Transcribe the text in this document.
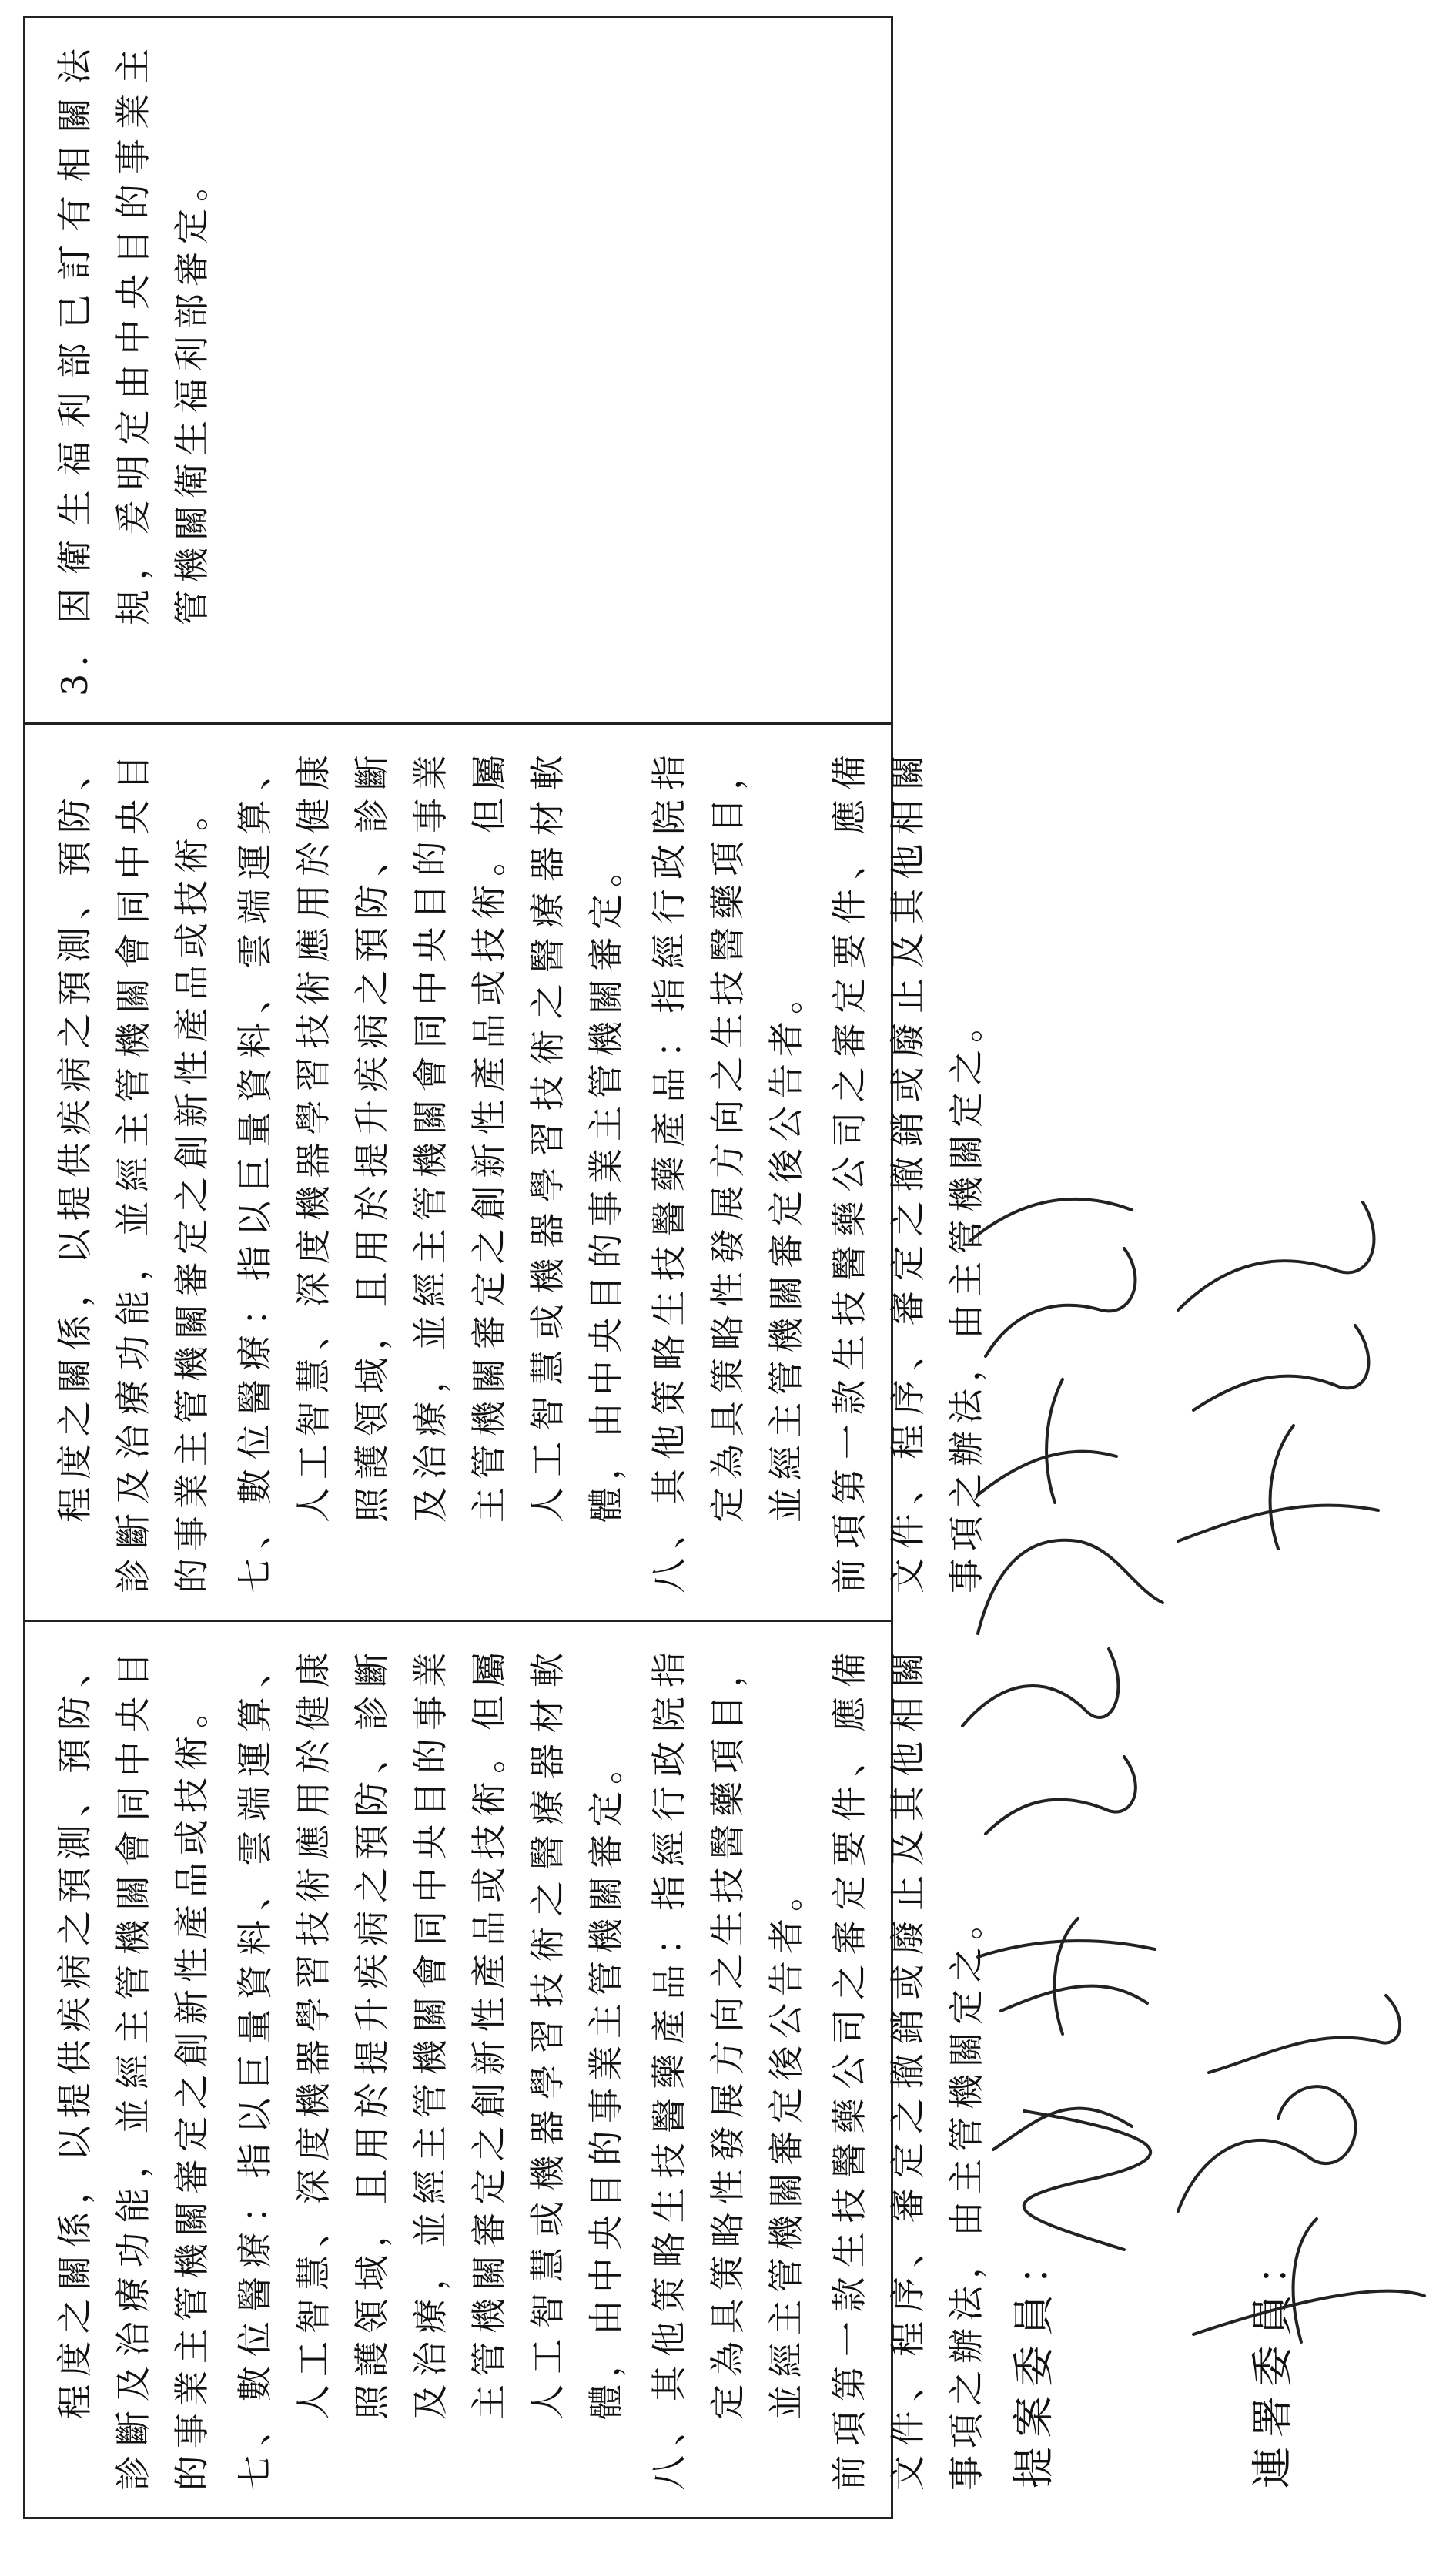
程度之關係，以提供疾病之預測、預防、診斷及治療功能，並經主管機關會同中央目的事業主管機關審定之創新性產品或技術。 七、數位醫療：指以巨量資料、雲端運算、人工智慧、深度機器學習技術應用於健康照護領域，且用於提升疾病之預防、診斷及治療，並經主管機關會同中央目的事業主管機關審定之創新性產品或技術。但屬人工智慧或機器學習技術之醫療器材軟體，由中央目的事業主管機關審定。 八、其他策略生技醫藥產品：指經行政院指定為具策略性發展方向之生技醫藥項目，並經主管機關審定後公告者。 前項第一款生技醫藥公司之審定要件、應備文件、程序、審定之撤銷或廢止及其他相關事項之辦法，由主管機關定之。

程度之關係，以提供疾病之預測、預防、診斷及治療功能，並經主管機關會同中央目的事業主管機關審定之創新性產品或技術。 七、數位醫療：指以巨量資料、雲端運算、人工智慧、深度機器學習技術應用於健康照護領域，且用於提升疾病之預防、診斷及治療，並經主管機關會同中央目的事業主管機關審定之創新性產品或技術。但屬人工智慧或機器學習技術之醫療器材軟體，由中央目的事業主管機關審定。 八、其他策略生技醫藥產品：指經行政院指定為具策略性發展方向之生技醫藥項目，並經主管機關審定後公告者。 前項第一款生技醫藥公司之審定要件、應備文件、程序、審定之撤銷或廢止及其他相關事項之辦法，由主管機關定之。

3. 因衛生福利部已訂有相關法規，爰明定由中央目的事業主管機關衛生福利部審定。

提案委員：	連署委員：
